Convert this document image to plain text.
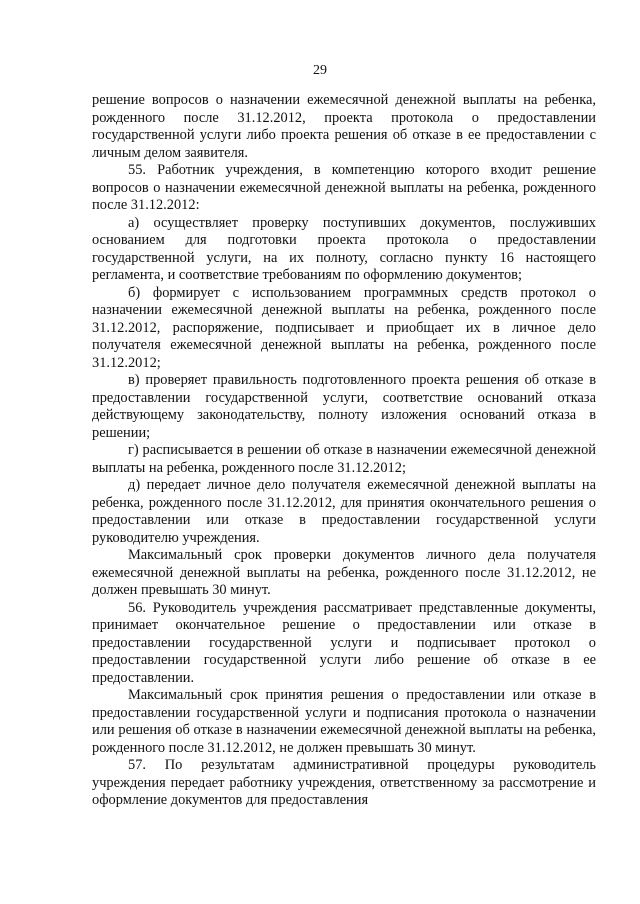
29

решение вопросов о назначении ежемесячной денежной выплаты на ребенка, рожденного после 31.12.2012, проекта протокола о предоставлении государственной услуги либо проекта решения об отказе в ее предоставлении с личным делом заявителя.

55. Работник учреждения, в компетенцию которого входит решение вопросов о назначении ежемесячной денежной выплаты на ребенка, рожденного после 31.12.2012:

а) осуществляет проверку поступивших документов, послуживших основанием для подготовки проекта протокола о предоставлении государственной услуги, на их полноту, согласно пункту 16 настоящего регламента, и соответствие требованиям по оформлению документов;

б) формирует с использованием программных средств протокол о назначении ежемесячной денежной выплаты на ребенка, рожденного после 31.12.2012, распоряжение, подписывает и приобщает их в личное дело получателя ежемесячной денежной выплаты на ребенка, рожденного после 31.12.2012;

в) проверяет правильность подготовленного проекта решения об отказе в предоставлении государственной услуги, соответствие оснований отказа действующему законодательству, полноту изложения оснований отказа в решении;

г) расписывается в решении об отказе в назначении ежемесячной денежной выплаты на ребенка, рожденного после 31.12.2012;

д) передает личное дело получателя ежемесячной денежной выплаты на ребенка, рожденного после 31.12.2012, для принятия окончательного решения о предоставлении или отказе в предоставлении государственной услуги руководителю учреждения.

Максимальный срок проверки документов личного дела получателя ежемесячной денежной выплаты на ребенка, рожденного после 31.12.2012, не должен превышать 30 минут.

56. Руководитель учреждения рассматривает представленные документы, принимает окончательное решение о предоставлении или отказе в предоставлении государственной услуги и подписывает протокол о предоставлении государственной услуги либо решение об отказе в ее предоставлении.

Максимальный срок принятия решения о предоставлении или отказе в предоставлении государственной услуги и подписания протокола о назначении или решения об отказе в назначении ежемесячной денежной выплаты на ребенка, рожденного после 31.12.2012, не должен превышать 30 минут.

57. По результатам административной процедуры руководитель учреждения передает работнику учреждения, ответственному за рассмотрение и оформление документов для предоставления
